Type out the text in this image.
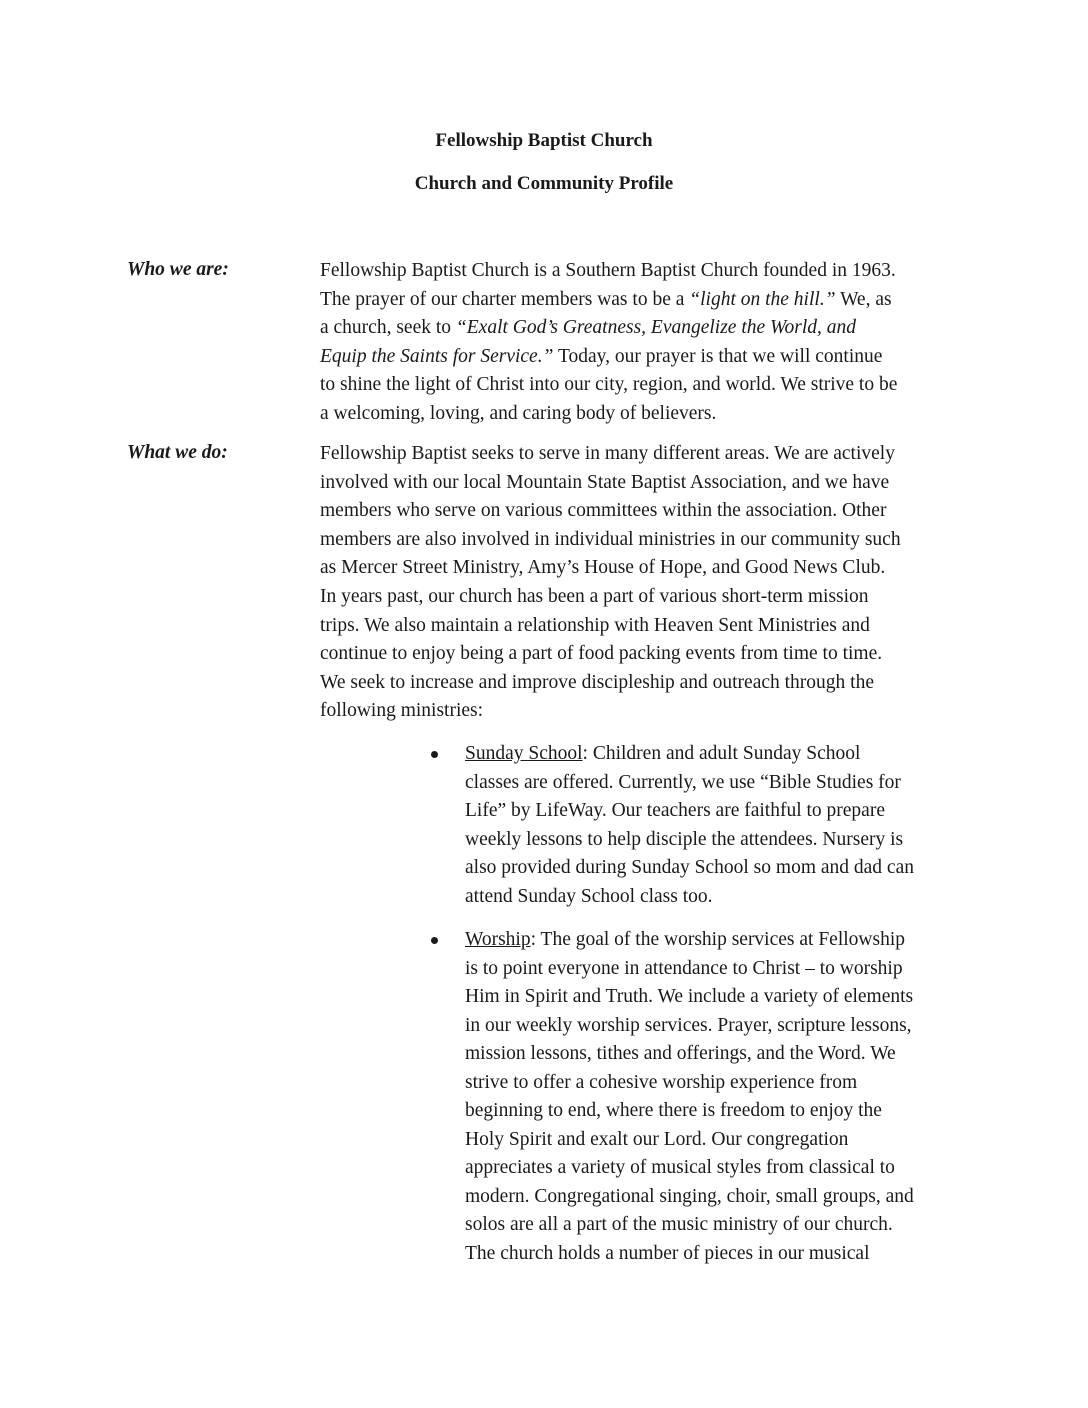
Fellowship Baptist Church
Church and Community Profile

Who we are:	Fellowship Baptist Church is a Southern Baptist Church founded in 1963.
The prayer of our charter members was to be a “light on the hill.” We, as
a church, seek to “Exalt God’s Greatness, Evangelize the World, and
Equip the Saints for Service.” Today, our prayer is that we will continue
to shine the light of Christ into our city, region, and world. We strive to be
a welcoming, loving, and caring body of believers.

What we do:	Fellowship Baptist seeks to serve in many different areas. We are actively
involved with our local Mountain State Baptist Association, and we have
members who serve on various committees within the association. Other
members are also involved in individual ministries in our community such
as Mercer Street Ministry, Amy’s House of Hope, and Good News Club.
In years past, our church has been a part of various short-term mission
trips. We also maintain a relationship with Heaven Sent Ministries and
continue to enjoy being a part of food packing events from time to time.
We seek to increase and improve discipleship and outreach through the
following ministries:

Sunday School: Children and adult Sunday School
classes are offered. Currently, we use “Bible Studies for
Life” by LifeWay. Our teachers are faithful to prepare
weekly lessons to help disciple the attendees. Nursery is
also provided during Sunday School so mom and dad can
attend Sunday School class too.
Worship: The goal of the worship services at Fellowship
is to point everyone in attendance to Christ – to worship
Him in Spirit and Truth. We include a variety of elements
in our weekly worship services. Prayer, scripture lessons,
mission lessons, tithes and offerings, and the Word. We
strive to offer a cohesive worship experience from
beginning to end, where there is freedom to enjoy the
Holy Spirit and exalt our Lord. Our congregation
appreciates a variety of musical styles from classical to
modern. Congregational singing, choir, small groups, and
solos are all a part of the music ministry of our church.
The church holds a number of pieces in our musical
